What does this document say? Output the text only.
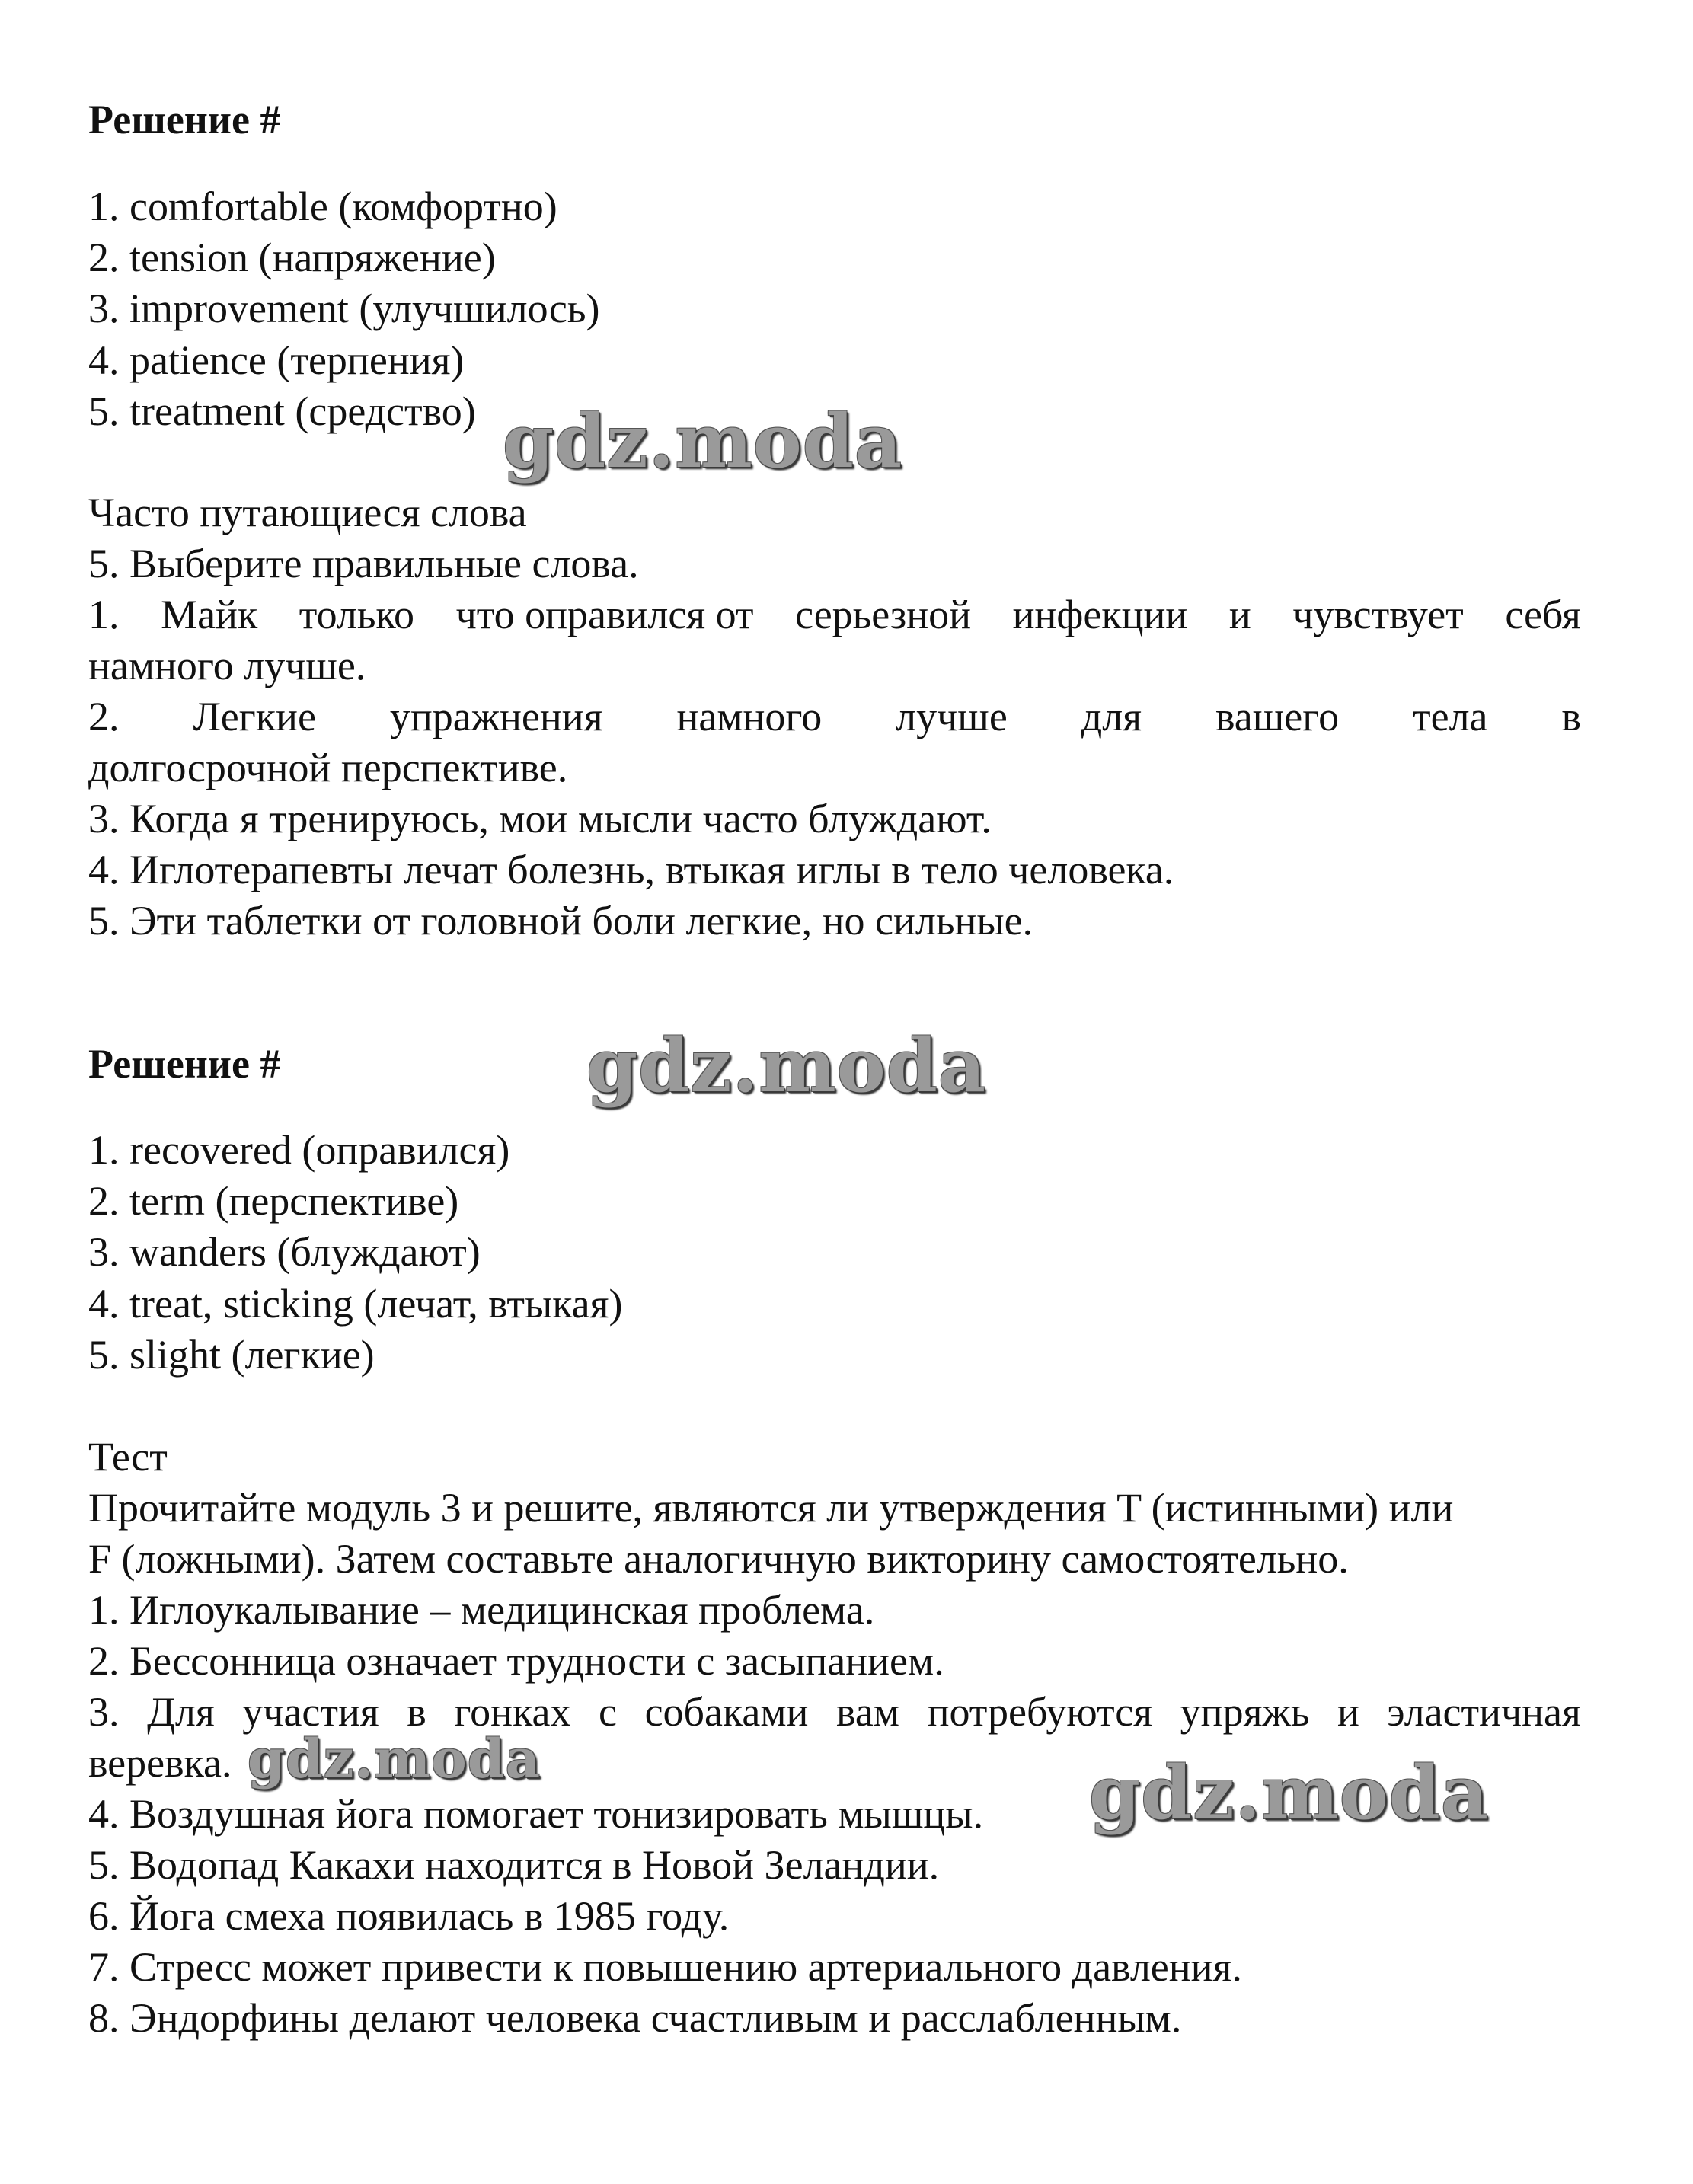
Решение #
1. comfortable (комфортно)
2. tension (напряжение)
3. improvement (улучшилось)
4. patience (терпения)
5. treatment (средство)
Часто путающиеся слова
5. Выберите правильные слова.
1. Майк только что оправился от серьезной инфекции и чувствует себя
намного лучше.
2. Легкие упражнения намного лучше для вашего тела в
долгосрочной перспективе.
3. Когда я тренируюсь, мои мысли часто блуждают.
4. Иглотерапевты лечат болезнь, втыкая иглы в тело человека.
5. Эти таблетки от головной боли легкие, но сильные.
Решение #
1. recovered (оправился)
2. term (перспективе)
3. wanders (блуждают)
4. treat, sticking (лечат, втыкая)
5. slight (легкие)
Тест
Прочитайте модуль 3 и решите, являются ли утверждения T (истинными) или
F (ложными). Затем составьте аналогичную викторину самостоятельно.
1. Иглоукалывание – медицинская проблема.
2. Бессонница означает трудности с засыпанием.
3. Для участия в гонках с собаками вам потребуются упряжь и эластичная
веревка.
4. Воздушная йога помогает тонизировать мышцы.
5. Водопад Какахи находится в Новой Зеландии.
6. Йога смеха появилась в 1985 году.
7. Стресс может привести к повышению артериального давления.
8. Эндорфины делают человека счастливым и расслабленным.
gdz.moda
gdz.moda
gdz.moda	gdz.moda
